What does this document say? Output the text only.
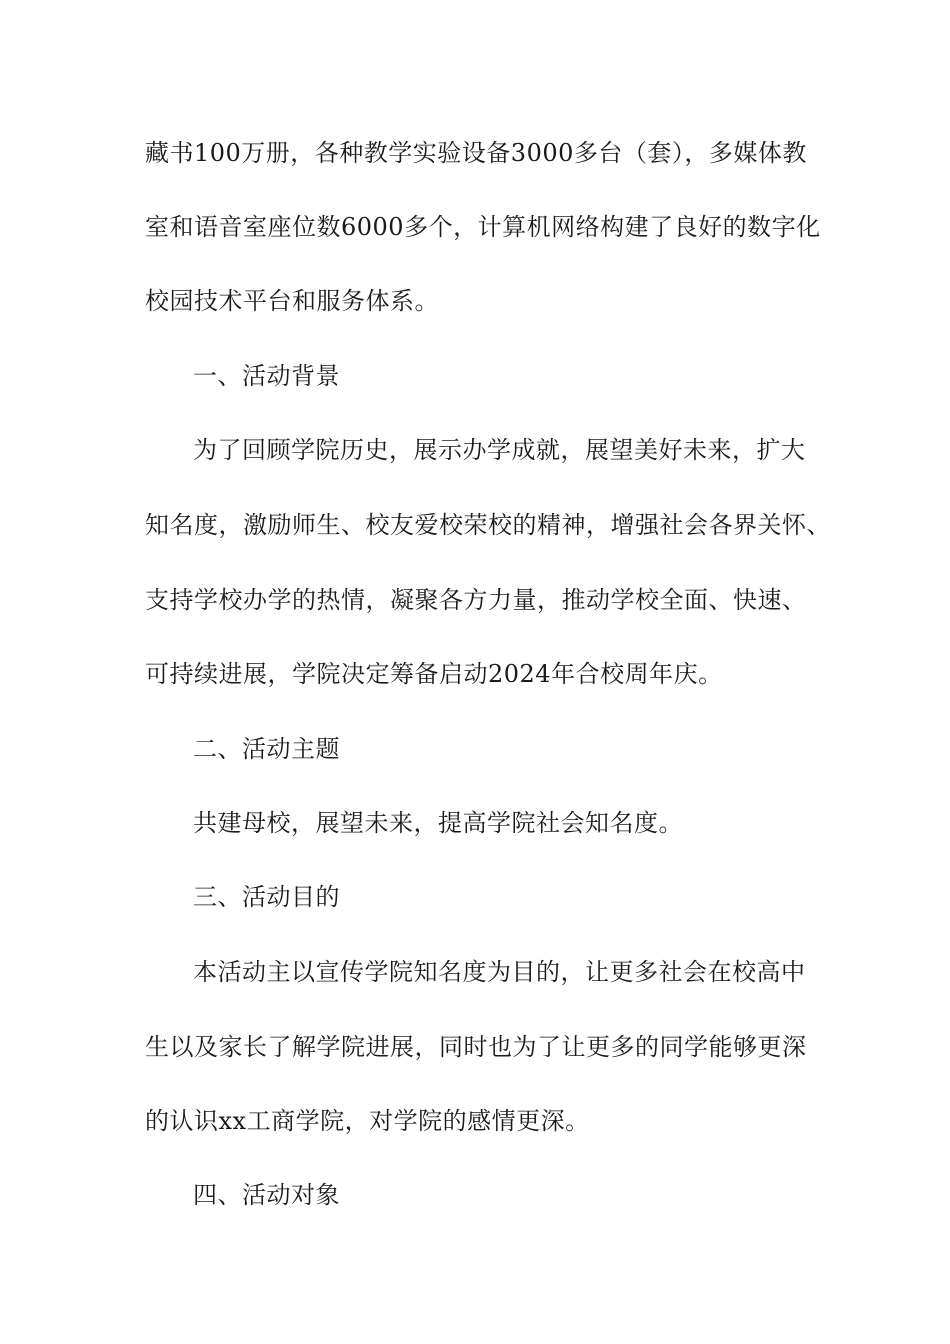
藏书100万册，各种教学实验设备3000多台（套），多媒体教
室和语音室座位数6000多个，计算机网络构建了良好的数字化
校园技术平台和服务体系。
一、活动背景
为了回顾学院历史，展示办学成就，展望美好未来，扩大
知名度，激励师生、校友爱校荣校的精神，增强社会各界关怀、
支持学校办学的热情，凝聚各方力量，推动学校全面、快速、
可持续进展，学院决定筹备启动2024年合校周年庆。
二、活动主题
共建母校，展望未来，提高学院社会知名度。
三、活动目的
本活动主以宣传学院知名度为目的，让更多社会在校高中
生以及家长了解学院进展，同时也为了让更多的同学能够更深
的认识xx工商学院，对学院的感情更深。
四、活动对象
